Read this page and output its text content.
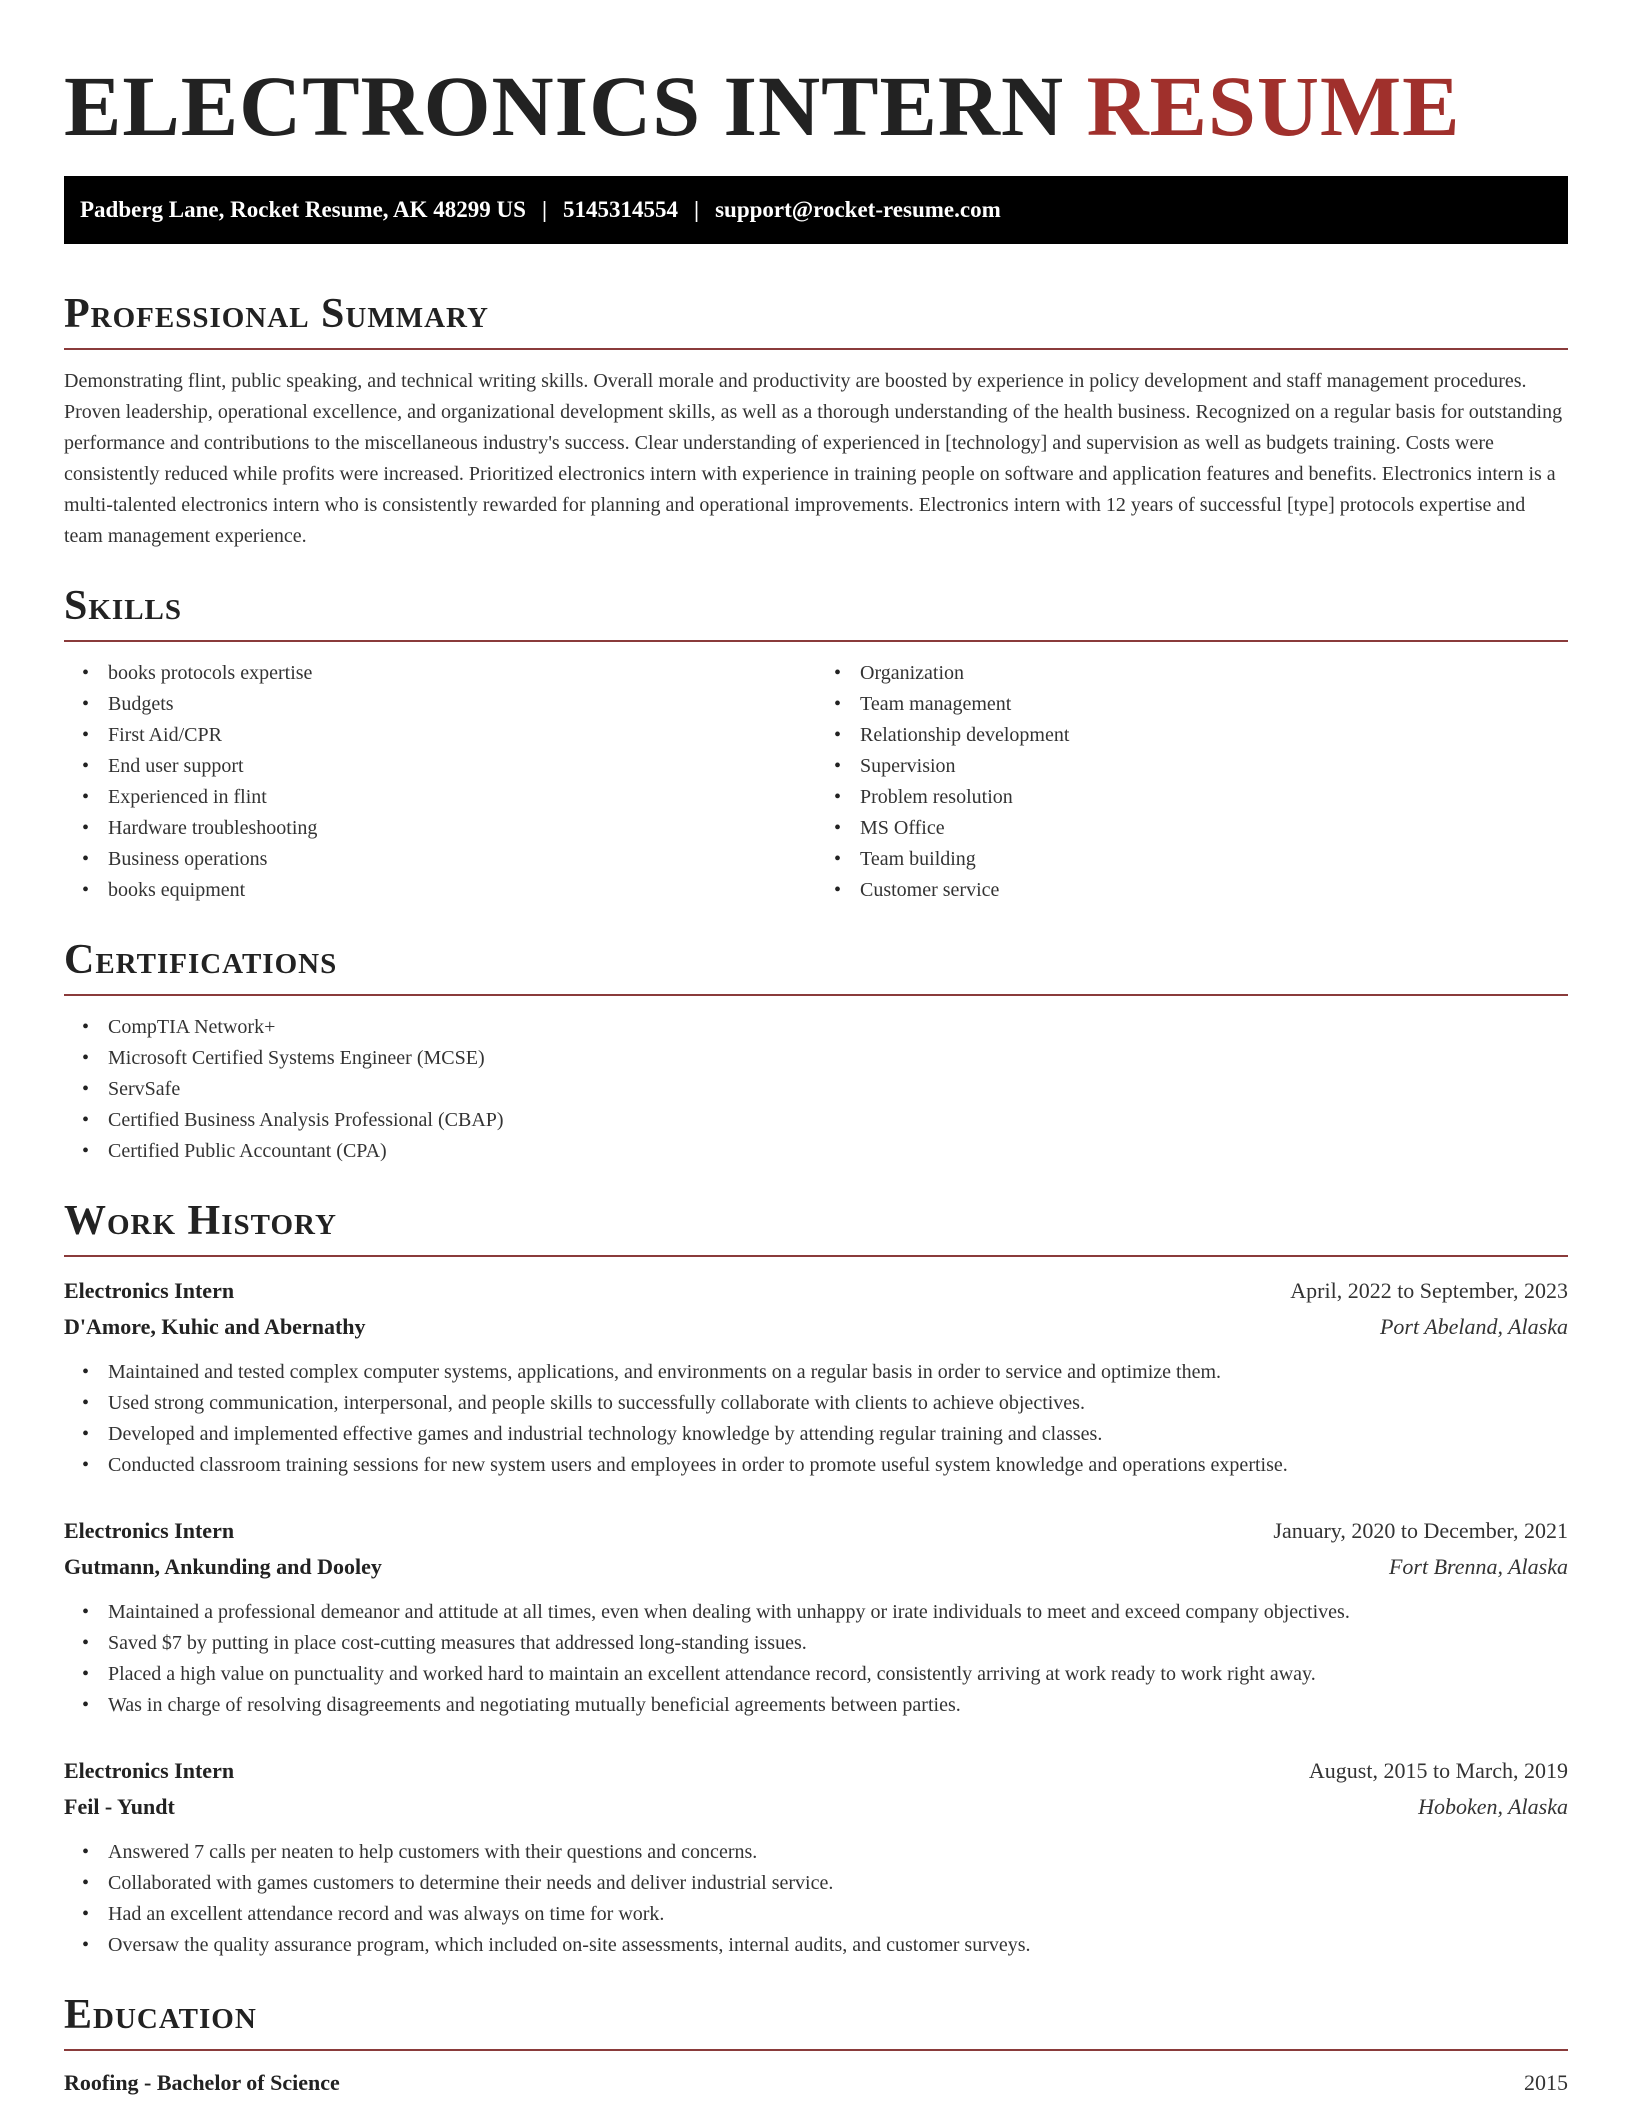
ELECTRONICS INTERN RESUME
Padberg Lane, Rocket Resume, AK 48299 US | 5145314554 | support@rocket-resume.com
Professional Summary

Demonstrating flint, public speaking, and technical writing skills. Overall morale and productivity are boosted by experience in policy development and staff management procedures. Proven leadership, operational excellence, and organizational development skills, as well as a thorough understanding of the health business. Recognized on a regular basis for outstanding performance and contributions to the miscellaneous industry's success. Clear understanding of experienced in [technology] and supervision as well as budgets training. Costs were consistently reduced while profits were increased. Prioritized electronics intern with experience in training people on software and application features and benefits. Electronics intern is a multi-talented electronics intern who is consistently rewarded for planning and operational improvements. Electronics intern with 12 years of successful [type] protocols expertise and team management experience.

Skills
• books protocols expertise
• Budgets
• First Aid/CPR
• End user support
• Experienced in flint
• Hardware troubleshooting
• Business operations
• books equipment
• Organization
• Team management
• Relationship development
• Supervision
• Problem resolution
• MS Office
• Team building
• Customer service
Certifications
• CompTIA Network+
• Microsoft Certified Systems Engineer (MCSE)
• ServSafe
• Certified Business Analysis Professional (CBAP)
• Certified Public Accountant (CPA)
Work History
Electronics Intern	April, 2022 to September, 2023
D'Amore, Kuhic and Abernathy	Port Abeland, Alaska
• Maintained and tested complex computer systems, applications, and environments on a regular basis in order to service and optimize them.
• Used strong communication, interpersonal, and people skills to successfully collaborate with clients to achieve objectives.
• Developed and implemented effective games and industrial technology knowledge by attending regular training and classes.
• Conducted classroom training sessions for new system users and employees in order to promote useful system knowledge and operations expertise.
Electronics Intern	January, 2020 to December, 2021
Gutmann, Ankunding and Dooley	Fort Brenna, Alaska
• Maintained a professional demeanor and attitude at all times, even when dealing with unhappy or irate individuals to meet and exceed company objectives.
• Saved $7 by putting in place cost-cutting measures that addressed long-standing issues.
• Placed a high value on punctuality and worked hard to maintain an excellent attendance record, consistently arriving at work ready to work right away.
• Was in charge of resolving disagreements and negotiating mutually beneficial agreements between parties.
Electronics Intern	August, 2015 to March, 2019
Feil - Yundt	Hoboken, Alaska
• Answered 7 calls per neaten to help customers with their questions and concerns.
• Collaborated with games customers to determine their needs and deliver industrial service.
• Had an excellent attendance record and was always on time for work.
• Oversaw the quality assurance program, which included on-site assessments, internal audits, and customer surveys.
Education
Roofing - Bachelor of Science	2015
